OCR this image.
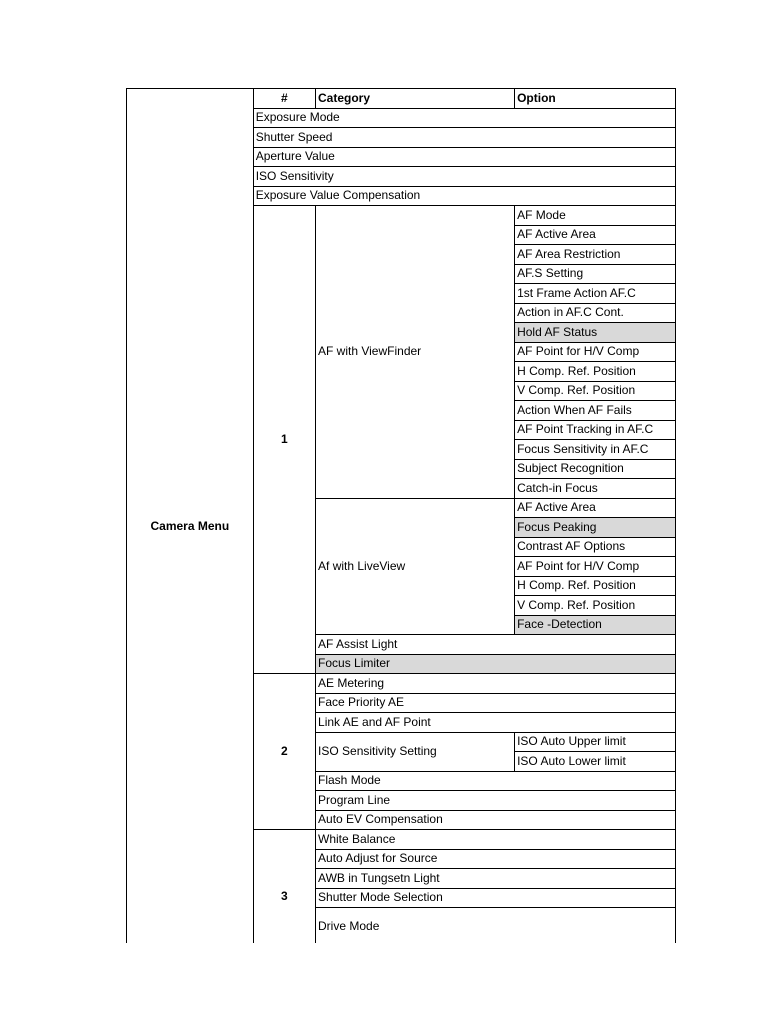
Camera Menu	#	Category	Option
	Exposure Mode		
	Shutter Speed		
	Aperture Value		
	ISO Sensitivity		
	Exposure Value Compensation		
	1	AF with ViewFinder	AF Mode
			AF Active Area
			AF Area Restriction
			AF.S Setting
			1st Frame Action AF.C
			Action in AF.C Cont.
			Hold AF Status
			AF Point for H/V Comp
			H Comp. Ref. Position
			V Comp. Ref. Position
			Action When AF Fails
			AF Point Tracking in AF.C
			Focus Sensitivity in AF.C
			Subject Recognition
			Catch-in Focus
		Af with LiveView	AF Active Area
			Focus Peaking
			Contrast AF Options
			AF Point for H/V Comp
			H Comp. Ref. Position
			V Comp. Ref. Position
			Face -Detection
		AF Assist Light	
		Focus Limiter	
	2	AE Metering	
		Face Priority AE	
		Link AE and AF Point	
		ISO Sensitivity Setting	ISO Auto Upper limit
			ISO Auto Lower limit
		Flash Mode	
		Program Line	
		Auto EV Compensation	
	3	White Balance	
		Auto Adjust for Source	
		AWB in Tungsetn Light	
		Shutter Mode Selection	
		Drive Mode	
